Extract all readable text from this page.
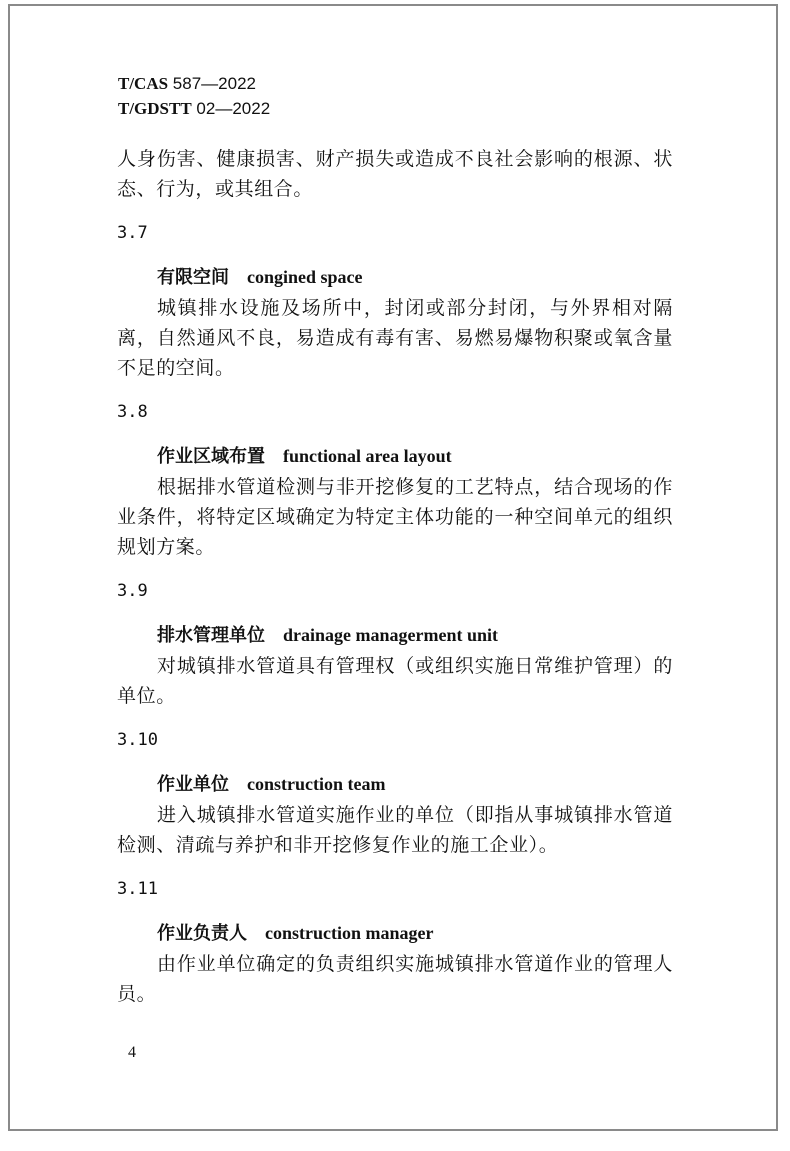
T/CAS 587—2022
T/GDSTT 02—2022

人身伤害、健康损害、财产损失或造成不良社会影响的根源、状态、行为，或其组合。

3.7

有限空间 congined space

城镇排水设施及场所中，封闭或部分封闭，与外界相对隔离，自然通风不良，易造成有毒有害、易燃易爆物积聚或氧含量不足的空间。

3.8

作业区域布置 functional area layout

根据排水管道检测与非开挖修复的工艺特点，结合现场的作业条件，将特定区域确定为特定主体功能的一种空间单元的组织规划方案。

3.9

排水管理单位 drainage managerment unit

对城镇排水管道具有管理权（或组织实施日常维护管理）的单位。

3.10

作业单位 construction team

进入城镇排水管道实施作业的单位（即指从事城镇排水管道检测、清疏与养护和非开挖修复作业的施工企业）。

3.11

作业负责人 construction manager

由作业单位确定的负责组织实施城镇排水管道作业的管理人员。

4
